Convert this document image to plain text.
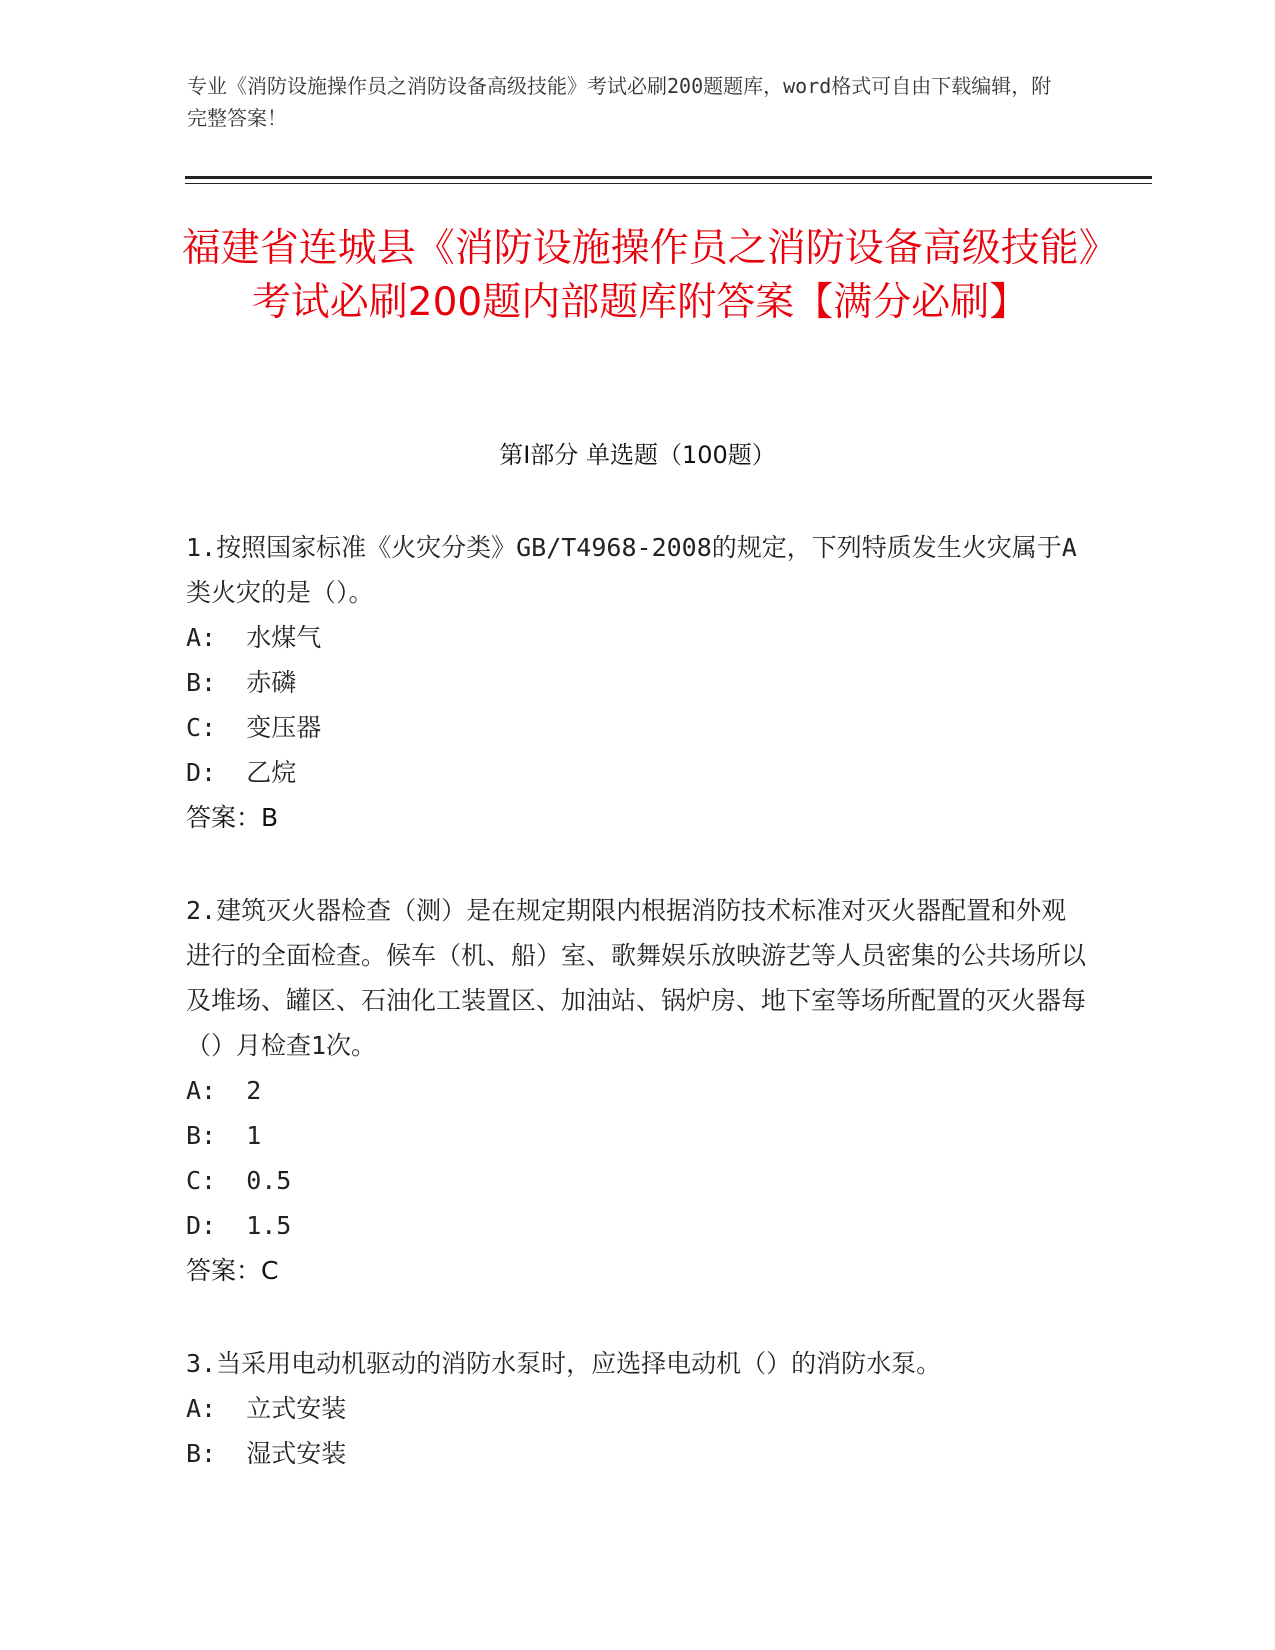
专业《消防设施操作员之消防设备高级技能》考试必刷200题题库，word格式可自由下载编辑，附完整答案！
福建省连城县《消防设施操作员之消防设备高级技能》考试必刷200题内部题库附答案【满分必刷】
第I部分 单选题（100题）
1.按照国家标准《火灾分类》GB/T4968-2008的规定，下列特质发生火灾属于A类火灾的是（）。
A:  水煤气
B:  赤磷
C:  变压器
D:  乙烷
答案：B
2.建筑灭火器检查（测）是在规定期限内根据消防技术标准对灭火器配置和外观进行的全面检查。候车（机、船）室、歌舞娱乐放映游艺等人员密集的公共场所以及堆场、罐区、石油化工装置区、加油站、锅炉房、地下室等场所配置的灭火器每（）月检查1次。
A:  2
B:  1
C:  0.5
D:  1.5
答案：C
3.当采用电动机驱动的消防水泵时，应选择电动机（）的消防水泵。
A:  立式安装
B:  湿式安装
